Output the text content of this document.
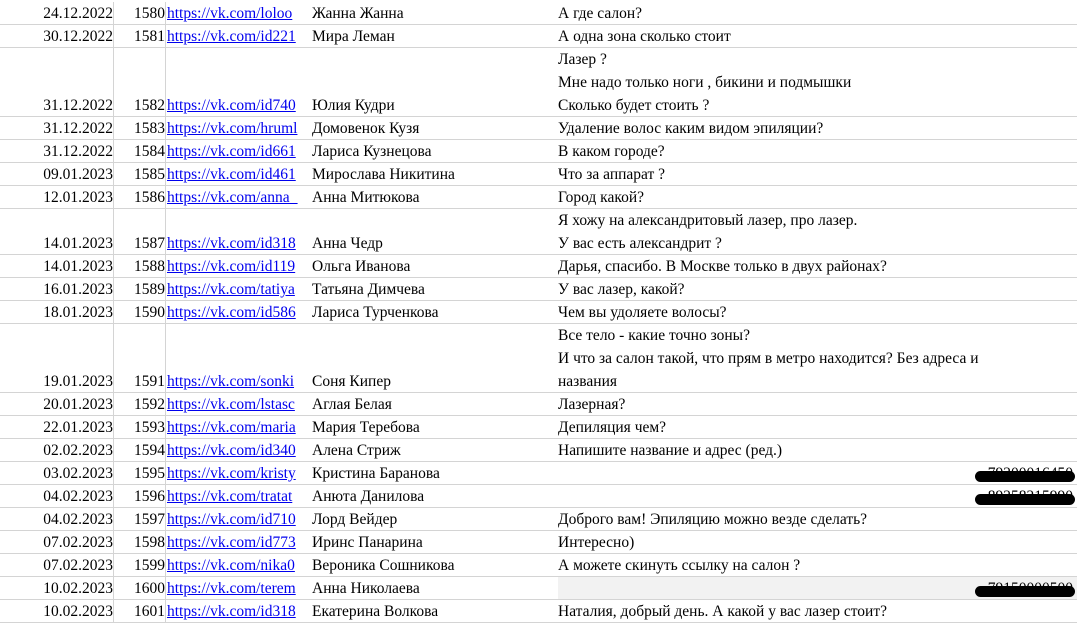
24.12.2022	1580 https://vk.com/loloo	Жанна Жанна	А где салон?
30.12.2022	1581 https://vk.com/id221	Мира Леман	А одна зона сколько стоит
31.12.2022	1582 https://vk.com/id740	Юлия Кудри
Лазер ?
Мне надо только ноги , бикини и подмышки
Сколько будет стоить ?
31.12.2022	1583 https://vk.com/hruml Домовенок Кузя	Удаление волос каким видом эпиляции?
31.12.2022	1584 https://vk.com/id661	Лариса Кузнецова	В каком городе?
09.01.2023	1585 https://vk.com/id461	Мирослава Никитина	Что за аппарат ?
12.01.2023	1586 https://vk.com/anna_ Анна Митюкова	Город какой?
14.01.2023	1587 https://vk.com/id318	Анна Чедр
Я хожу на александритовый лазер, про лазер.
У вас есть александрит ?
14.01.2023	1588 https://vk.com/id119	Ольга Иванова	Дарья, спасибо. В Москве только в двух районах?
16.01.2023	1589 https://vk.com/tatiya	Татьяна Димчева	У вас лазер, какой?
18.01.2023	1590 https://vk.com/id586	Лариса Турченкова	Чем вы удоляете волосы?
19.01.2023	1591 https://vk.com/sonki	Соня Кипер
Все тело - какие точно зоны?
И что за салон такой, что прям в метро находится? Без адреса и
названия
20.01.2023	1592 https://vk.com/lstasc	Аглая Белая	Лазерная?
22.01.2023	1593 https://vk.com/maria	Мария Теребова	Депиляция чем?
02.02.2023	1594 https://vk.com/id340	Алена Стриж	Напишите название и адрес (ред.)
03.02.2023	1595 https://vk.com/kristy	Кристина Баранова
04.02.2023	1596 https://vk.com/tratat	Анюта Данилова
04.02.2023	1597 https://vk.com/id710	Лорд Вейдер	Доброго вам! Эпиляцию можно везде сделать?
07.02.2023	1598 https://vk.com/id773	Иринс Панарина	Интересно)
07.02.2023	1599 https://vk.com/nika0	Вероника Сошникова	А можете скинуть ссылку на салон ?
10.02.2023	1600 https://vk.com/terem	Анна Николаева
10.02.2023	1601 https://vk.com/id318	Екатерина Волкова	Наталия, добрый день. А какой у вас лазер стоит?
